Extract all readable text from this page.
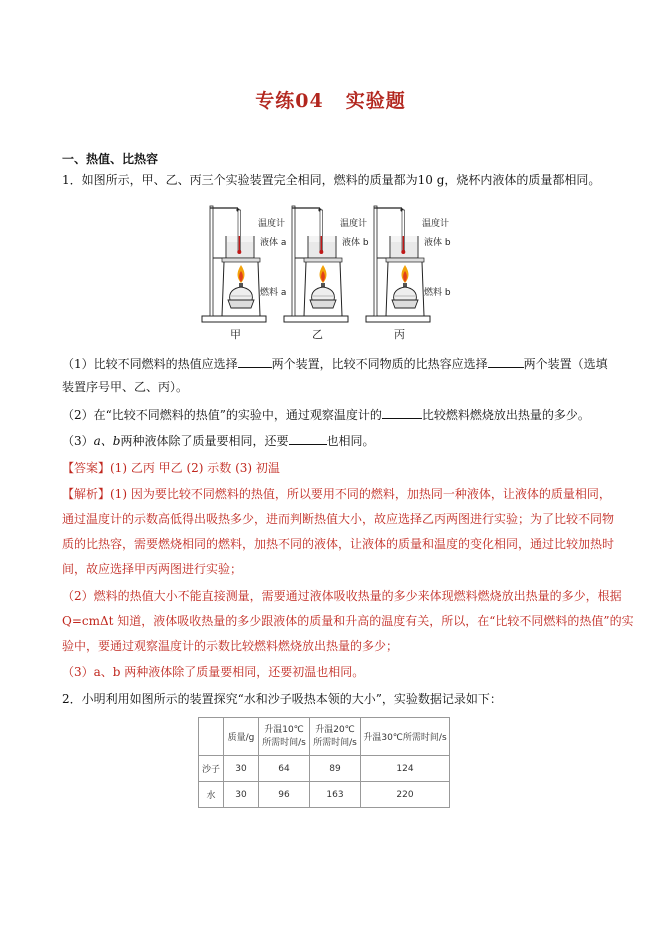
专练04 实验题
一、热值、比热容
1．如图所示，甲、乙、丙三个实验装置完全相同，燃料的质量都为10 g，烧杯内液体的质量都相同。
温度计
液体 a
燃料 a
温度计
液体 b
温度计
液体 b
燃料 b
甲	乙	丙
（1）比较不同燃料的热值应选择	两个装置，比较不同物质的比热容应选择	两个装置（选填
装置序号甲、乙、丙）。
（2）在“比较不同燃料的热值”的实验中，通过观察温度计的	比较燃料燃烧放出热量的多少。
（3）a、b两种液体除了质量要相同，还要	也相同。
【答案】(1) 乙丙 甲乙 (2) 示数 (3) 初温
【解析】(1) 因为要比较不同燃料的热值，所以要用不同的燃料，加热同一种液体，让液体的质量相同，
通过温度计的示数高低得出吸热多少，进而判断热值大小，故应选择乙丙两图进行实验；为了比较不同物
质的比热容，需要燃烧相同的燃料，加热不同的液体，让液体的质量和温度的变化相同，通过比较加热时
间，故应选择甲丙两图进行实验；
（2）燃料的热值大小不能直接测量，需要通过液体吸收热量的多少来体现燃料燃烧放出热量的多少，根据
Q=cmΔt 知道，液体吸收热量的多少跟液体的质量和升高的温度有关，所以，在“比较不同燃料的热值”的实
验中，要通过观察温度计的示数比较燃料燃烧放出热量的多少；
（3）a、b 两种液体除了质量要相同，还要初温也相同。
2．小明利用如图所示的装置探究“水和沙子吸热本领的大小”，实验数据记录如下：
	质量/g	升温10℃ 所需时间/s	升温20℃ 所需时间/s	升温30℃所需时间/s
沙子	30	64	89	124
水	30	96	163	220
